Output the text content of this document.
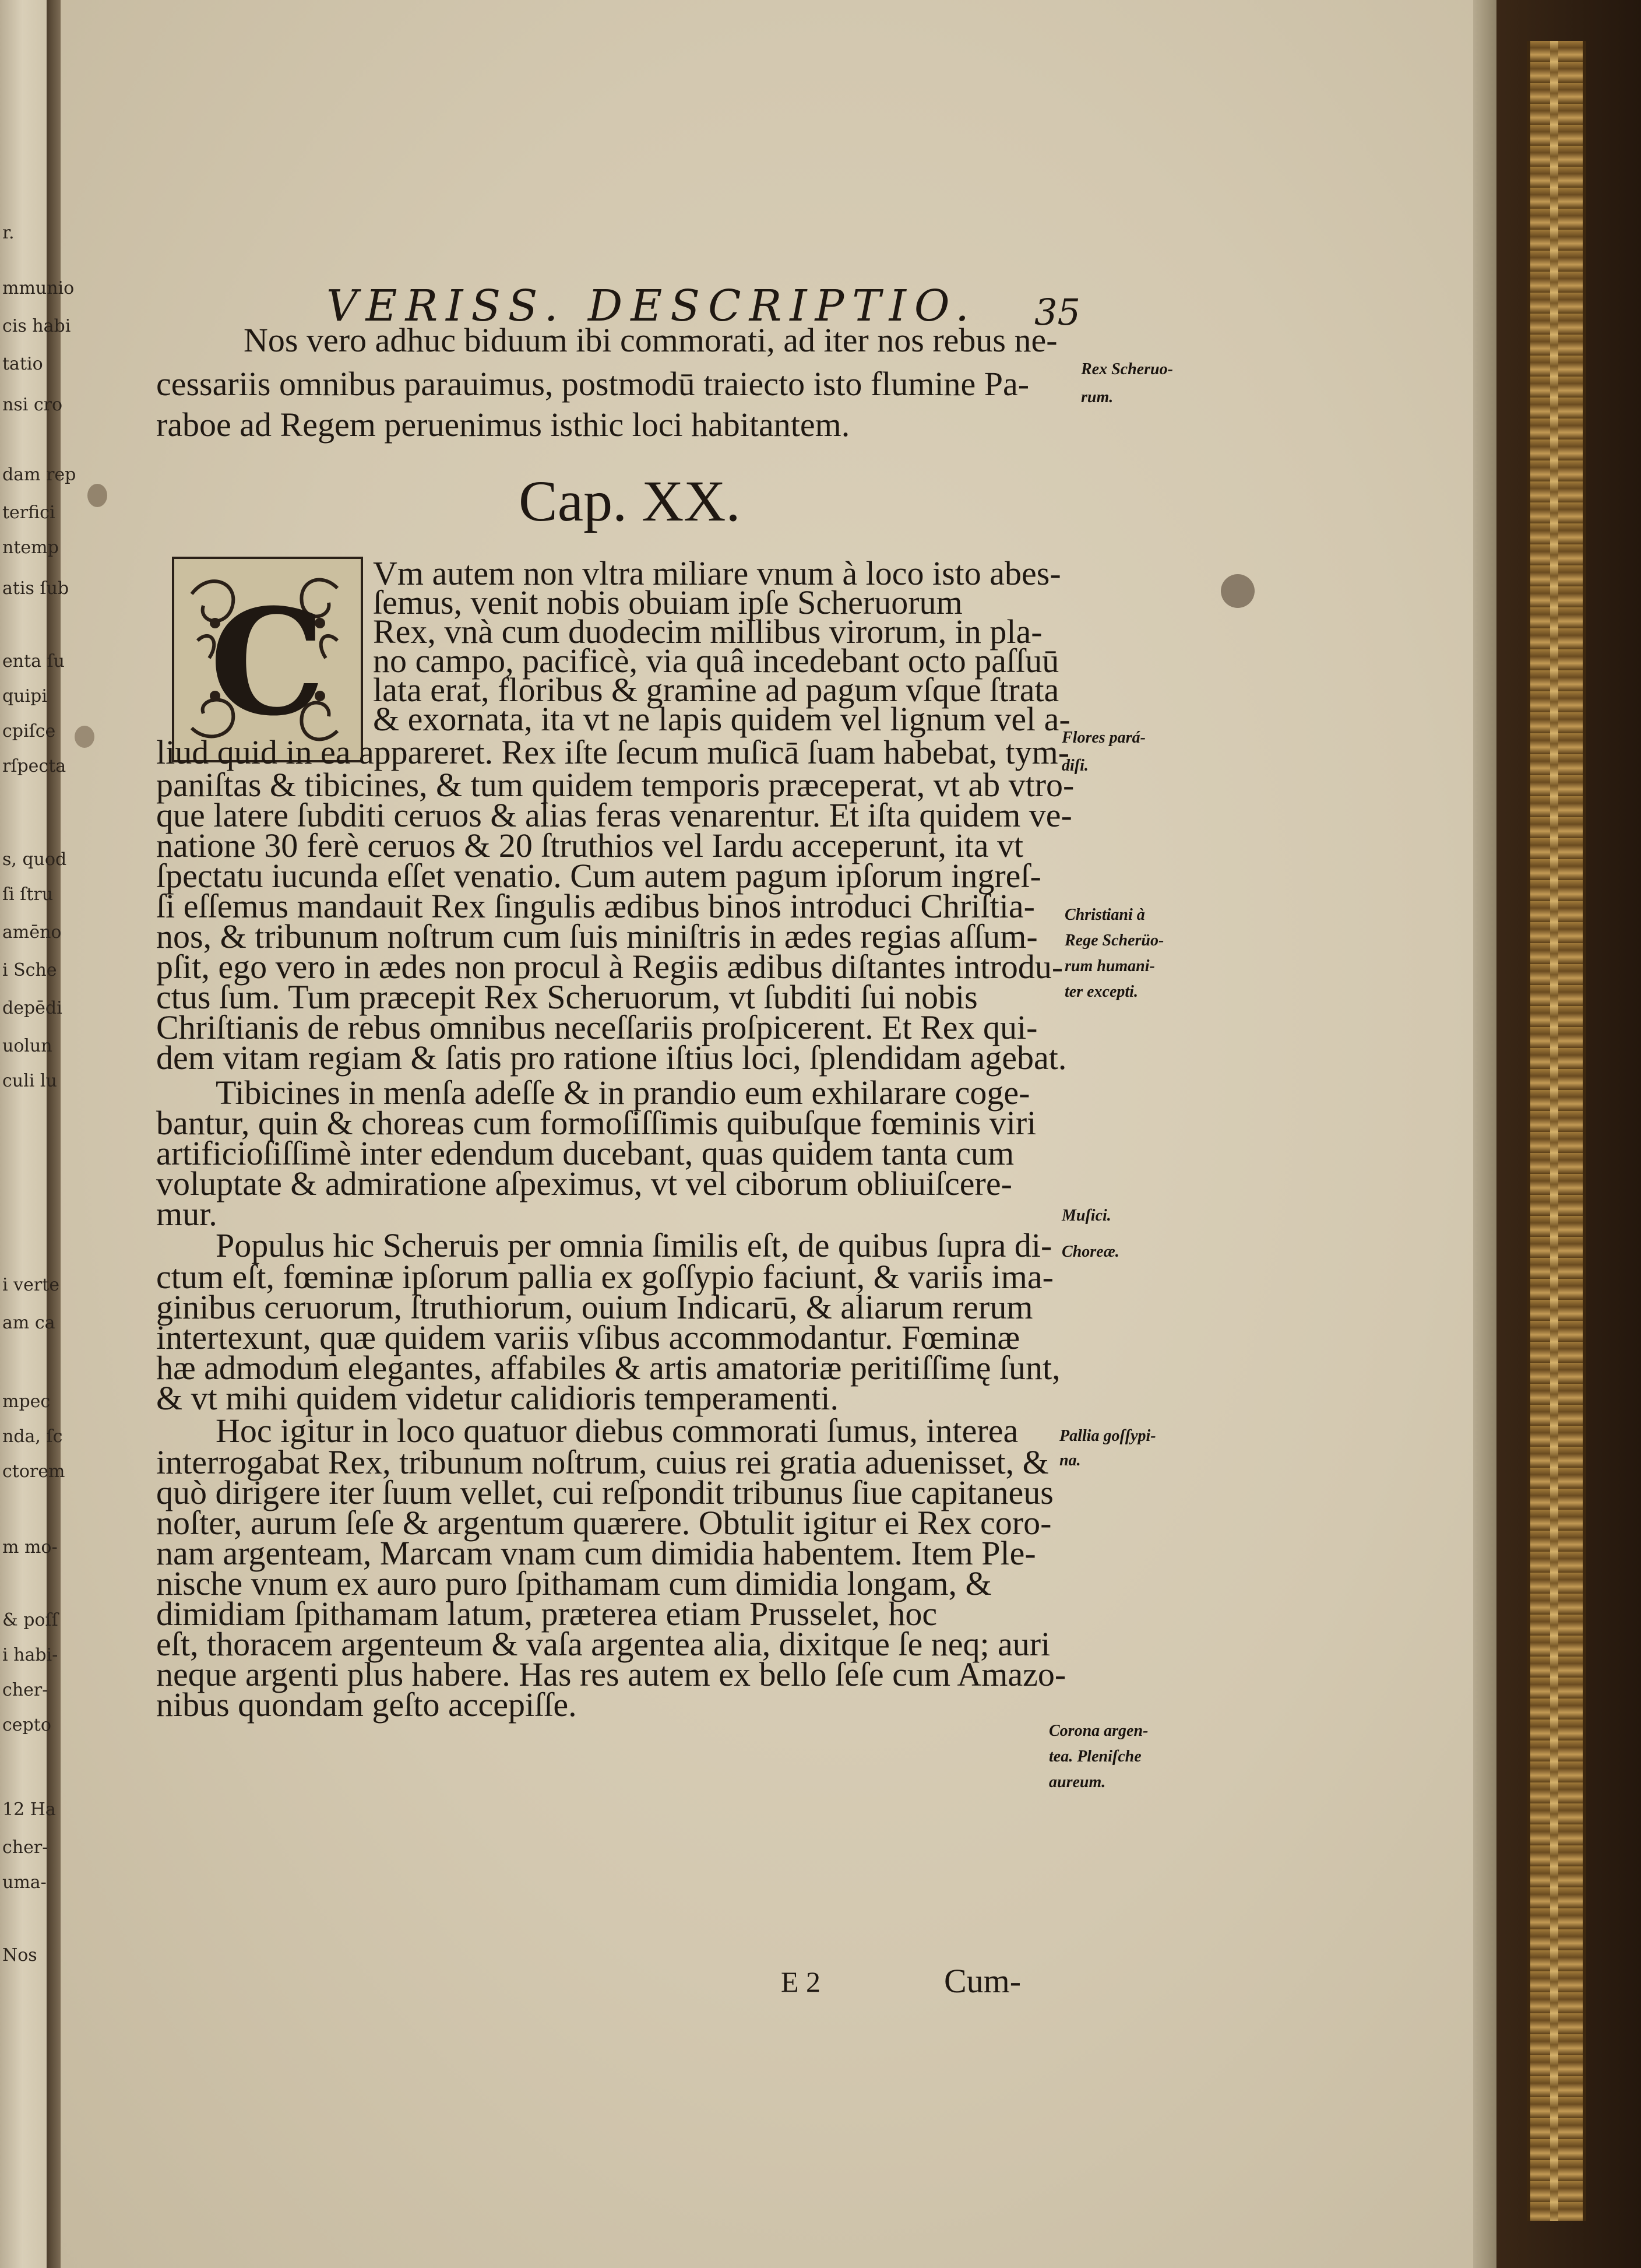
r.
mmunio
cis habi
tatio
nsi cro
dam rep
terfici
ntemp
atis ſub
enta ſu
quipi
cpiſce
rſpecta
s, quod
ſi ſtru
amēno
i Sche
depēdi
uolun
culi lu
i verte
am ca
mpec
nda, ſc
ctorem
m mo-
& poſſ
i habi-
cher-
cepto
12 Ha
cher-
uma-
Nos
VERISS. DESCRIPTIO. 35
Nos vero adhuc biduum ibi commorati, ad iter nos rebus ne-
cessariis omnibus parauimus, postmodū traiecto isto flumine Pa-
raboe ad Regem peruenimus isthic loci habitantem.
Cap. XX.
C
Vm autem non vltra miliare vnum à loco isto abes-
ſemus, venit nobis obuiam ipſe Scheruorum
Rex, vnà cum duodecim millibus virorum, in pla-
no campo, pacificè, via quâ incedebant octo paſſuū
lata erat, floribus & gramine ad pagum vſque ſtrata
& exornata, ita vt ne lapis quidem vel lignum vel a-
liud quid in ea appareret. Rex iſte ſecum muſicā ſuam habebat, tym-
paniſtas & tibicines, & tum quidem temporis præceperat, vt ab vtro-
que latere ſubditi ceruos & alias feras venarentur. Et iſta quidem ve-
natione 30 ferè ceruos & 20 ſtruthios vel Iardu acceperunt, ita vt
ſpectatu iucunda eſſet venatio. Cum autem pagum ipſorum ingreſ-
ſi eſſemus mandauit Rex ſingulis ædibus binos introduci Chriſtia-
nos, & tribunum noſtrum cum ſuis miniſtris in ædes regias aſſum-
pſit, ego vero in ædes non procul à Regiis ædibus diſtantes introdu-
ctus ſum. Tum præcepit Rex Scheruorum, vt ſubditi ſui nobis
Chriſtianis de rebus omnibus neceſſariis proſpicerent. Et Rex qui-
dem vitam regiam & ſatis pro ratione iſtius loci, ſplendidam agebat.
Tibicines in menſa adeſſe & in prandio eum exhilarare coge-
bantur, quin & choreas cum formoſiſſimis quibuſque fœminis viri
artificioſiſſimè inter edendum ducebant, quas quidem tanta cum
voluptate & admiratione aſpeximus, vt vel ciborum obliuiſcere-
mur.
Populus hic Scheruis per omnia ſimilis eſt, de quibus ſupra di-
ctum eſt, fœminæ ipſorum pallia ex goſſypio faciunt, & variis ima-
ginibus ceruorum, ſtruthiorum, ouium Indicarū, & aliarum rerum
intertexunt, quæ quidem variis vſibus accommodantur. Fœminæ
hæ admodum elegantes, affabiles & artis amatoriæ peritiſſimę ſunt,
& vt mihi quidem videtur calidioris temperamenti.
Hoc igitur in loco quatuor diebus commorati ſumus, interea
interrogabat Rex, tribunum noſtrum, cuius rei gratia aduenisset, &
quò dirigere iter ſuum vellet, cui reſpondit tribunus ſiue capitaneus
noſter, aurum ſeſe & argentum quærere. Obtulit igitur ei Rex coro-
nam argenteam, Marcam vnam cum dimidia habentem. Item Ple-
nische vnum ex auro puro ſpithamam cum dimidia longam, &
dimidiam ſpithamam latum, præterea etiam Prusselet, hoc
eſt, thoracem argenteum & vaſa argentea alia, dixitque ſe neq; auri
neque argenti plus habere. Has res autem ex bello ſeſe cum Amazo-
nibus quondam geſto accepiſſe.
Rex Scheruo-
rum.
Flores pará-
diſi.
Christiani à
Rege Scherüo-
rum humani-
ter excepti.
Muſici.
Choreæ.
Pallia goſſypi-
na.
Corona argen-
tea. Pleniſche
aureum.
E 2	Cum-
